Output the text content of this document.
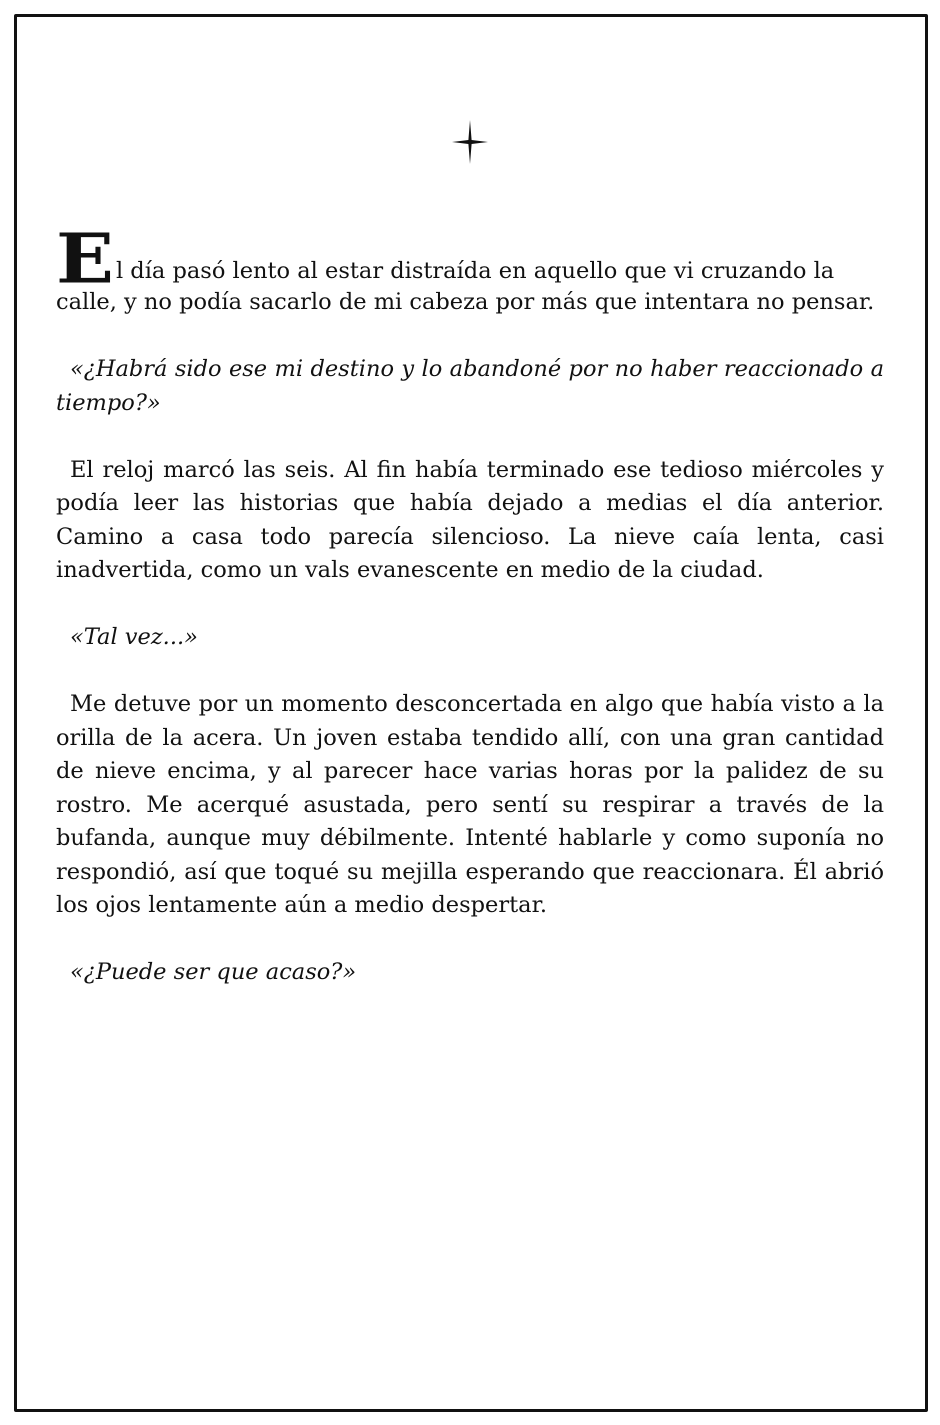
E l día pasó lento al estar distraída en aquello que vi cruzando la
calle, y no podía sacarlo de mi cabeza por más que intentara no pensar.

«¿Habrá sido ese mi destino y lo abandoné por no haber reaccionado a tiempo?»

El reloj marcó las seis. Al fin había terminado ese tedioso miércoles y podía leer las historias que había dejado a medias el día anterior. Camino a casa todo parecía silencioso. La nieve caía lenta, casi inadvertida, como un vals evanescente en medio de la ciudad.

«Tal vez...»

Me detuve por un momento desconcertada en algo que había visto a la orilla de la acera. Un joven estaba tendido allí, con una gran cantidad de nieve encima, y al parecer hace varias horas por la palidez de su rostro. Me acerqué asustada, pero sentí su respirar a través de la bufanda, aunque muy débilmente. Intenté hablarle y como suponía no respondió, así que toqué su mejilla esperando que reaccionara. Él abrió los ojos lentamente aún a medio despertar.

«¿Puede ser que acaso?»
